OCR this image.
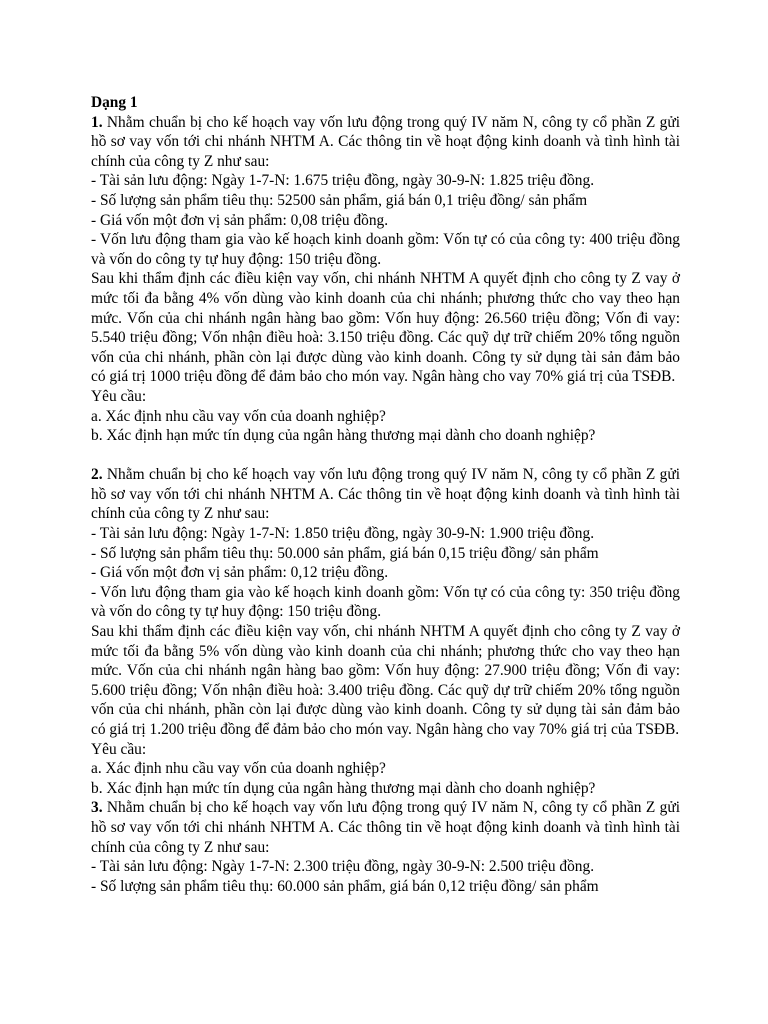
Dạng 1
1. Nhằm chuẩn bị cho kế hoạch vay vốn lưu động trong quý IV năm N, công ty cổ phần Z gửi hồ sơ vay vốn tới chi nhánh NHTM A. Các thông tin về hoạt động kinh doanh và tình hình tài chính của công ty Z như sau:
- Tài sản lưu động: Ngày 1-7-N: 1.675 triệu đồng, ngày 30-9-N: 1.825 triệu đồng.
- Số lượng sản phẩm tiêu thụ: 52500 sản phẩm, giá bán 0,1 triệu đồng/ sản phẩm
- Giá vốn một đơn vị sản phẩm: 0,08 triệu đồng.
- Vốn lưu động tham gia vào kế hoạch kinh doanh gồm: Vốn tự có của công ty: 400 triệu đồng và vốn do công ty tự huy động: 150 triệu đồng.
Sau khi thẩm định các điều kiện vay vốn, chi nhánh NHTM A quyết định cho công ty Z vay ở mức tối đa bằng 4% vốn dùng vào kinh doanh của chi nhánh; phương thức cho vay theo hạn mức. Vốn của chi nhánh ngân hàng bao gồm: Vốn huy động: 26.560 triệu đồng; Vốn đi vay: 5.540 triệu đồng; Vốn nhận điều hoà: 3.150 triệu đồng. Các quỹ dự trữ chiếm 20% tổng nguồn vốn của chi nhánh, phần còn lại được dùng vào kinh doanh. Công ty sử dụng tài sản đảm bảo có giá trị 1000 triệu đồng để đảm bảo cho món vay. Ngân hàng cho vay 70% giá trị của TSĐB.
Yêu cầu:
a. Xác định nhu cầu vay vốn của doanh nghiệp?
b. Xác định hạn mức tín dụng của ngân hàng thương mại dành cho doanh nghiệp?
2. Nhằm chuẩn bị cho kế hoạch vay vốn lưu động trong quý IV năm N, công ty cổ phần Z gửi hồ sơ vay vốn tới chi nhánh NHTM A. Các thông tin về hoạt động kinh doanh và tình hình tài chính của công ty Z như sau:
- Tài sản lưu động: Ngày 1-7-N: 1.850 triệu đồng, ngày 30-9-N: 1.900 triệu đồng.
- Số lượng sản phẩm tiêu thụ: 50.000 sản phẩm, giá bán 0,15 triệu đồng/ sản phẩm
- Giá vốn một đơn vị sản phẩm: 0,12 triệu đồng.
- Vốn lưu động tham gia vào kế hoạch kinh doanh gồm: Vốn tự có của công ty: 350 triệu đồng và vốn do công ty tự huy động: 150 triệu đồng.
Sau khi thẩm định các điều kiện vay vốn, chi nhánh NHTM A quyết định cho công ty Z vay ở mức tối đa bằng 5% vốn dùng vào kinh doanh của chi nhánh; phương thức cho vay theo hạn mức. Vốn của chi nhánh ngân hàng bao gồm: Vốn huy động: 27.900 triệu đồng; Vốn đi vay: 5.600 triệu đồng; Vốn nhận điều hoà: 3.400 triệu đồng. Các quỹ dự trữ chiếm 20% tổng nguồn vốn của chi nhánh, phần còn lại được dùng vào kinh doanh. Công ty sử dụng tài sản đảm bảo có giá trị 1.200 triệu đồng để đảm bảo cho món vay. Ngân hàng cho vay 70% giá trị của TSĐB.
Yêu cầu:
a. Xác định nhu cầu vay vốn của doanh nghiệp?
b. Xác định hạn mức tín dụng của ngân hàng thương mại dành cho doanh nghiệp?
3. Nhằm chuẩn bị cho kế hoạch vay vốn lưu động trong quý IV năm N, công ty cổ phần Z gửi hồ sơ vay vốn tới chi nhánh NHTM A. Các thông tin về hoạt động kinh doanh và tình hình tài chính của công ty Z như sau:
- Tài sản lưu động: Ngày 1-7-N: 2.300 triệu đồng, ngày 30-9-N: 2.500 triệu đồng.
- Số lượng sản phẩm tiêu thụ: 60.000 sản phẩm, giá bán 0,12 triệu đồng/ sản phẩm
